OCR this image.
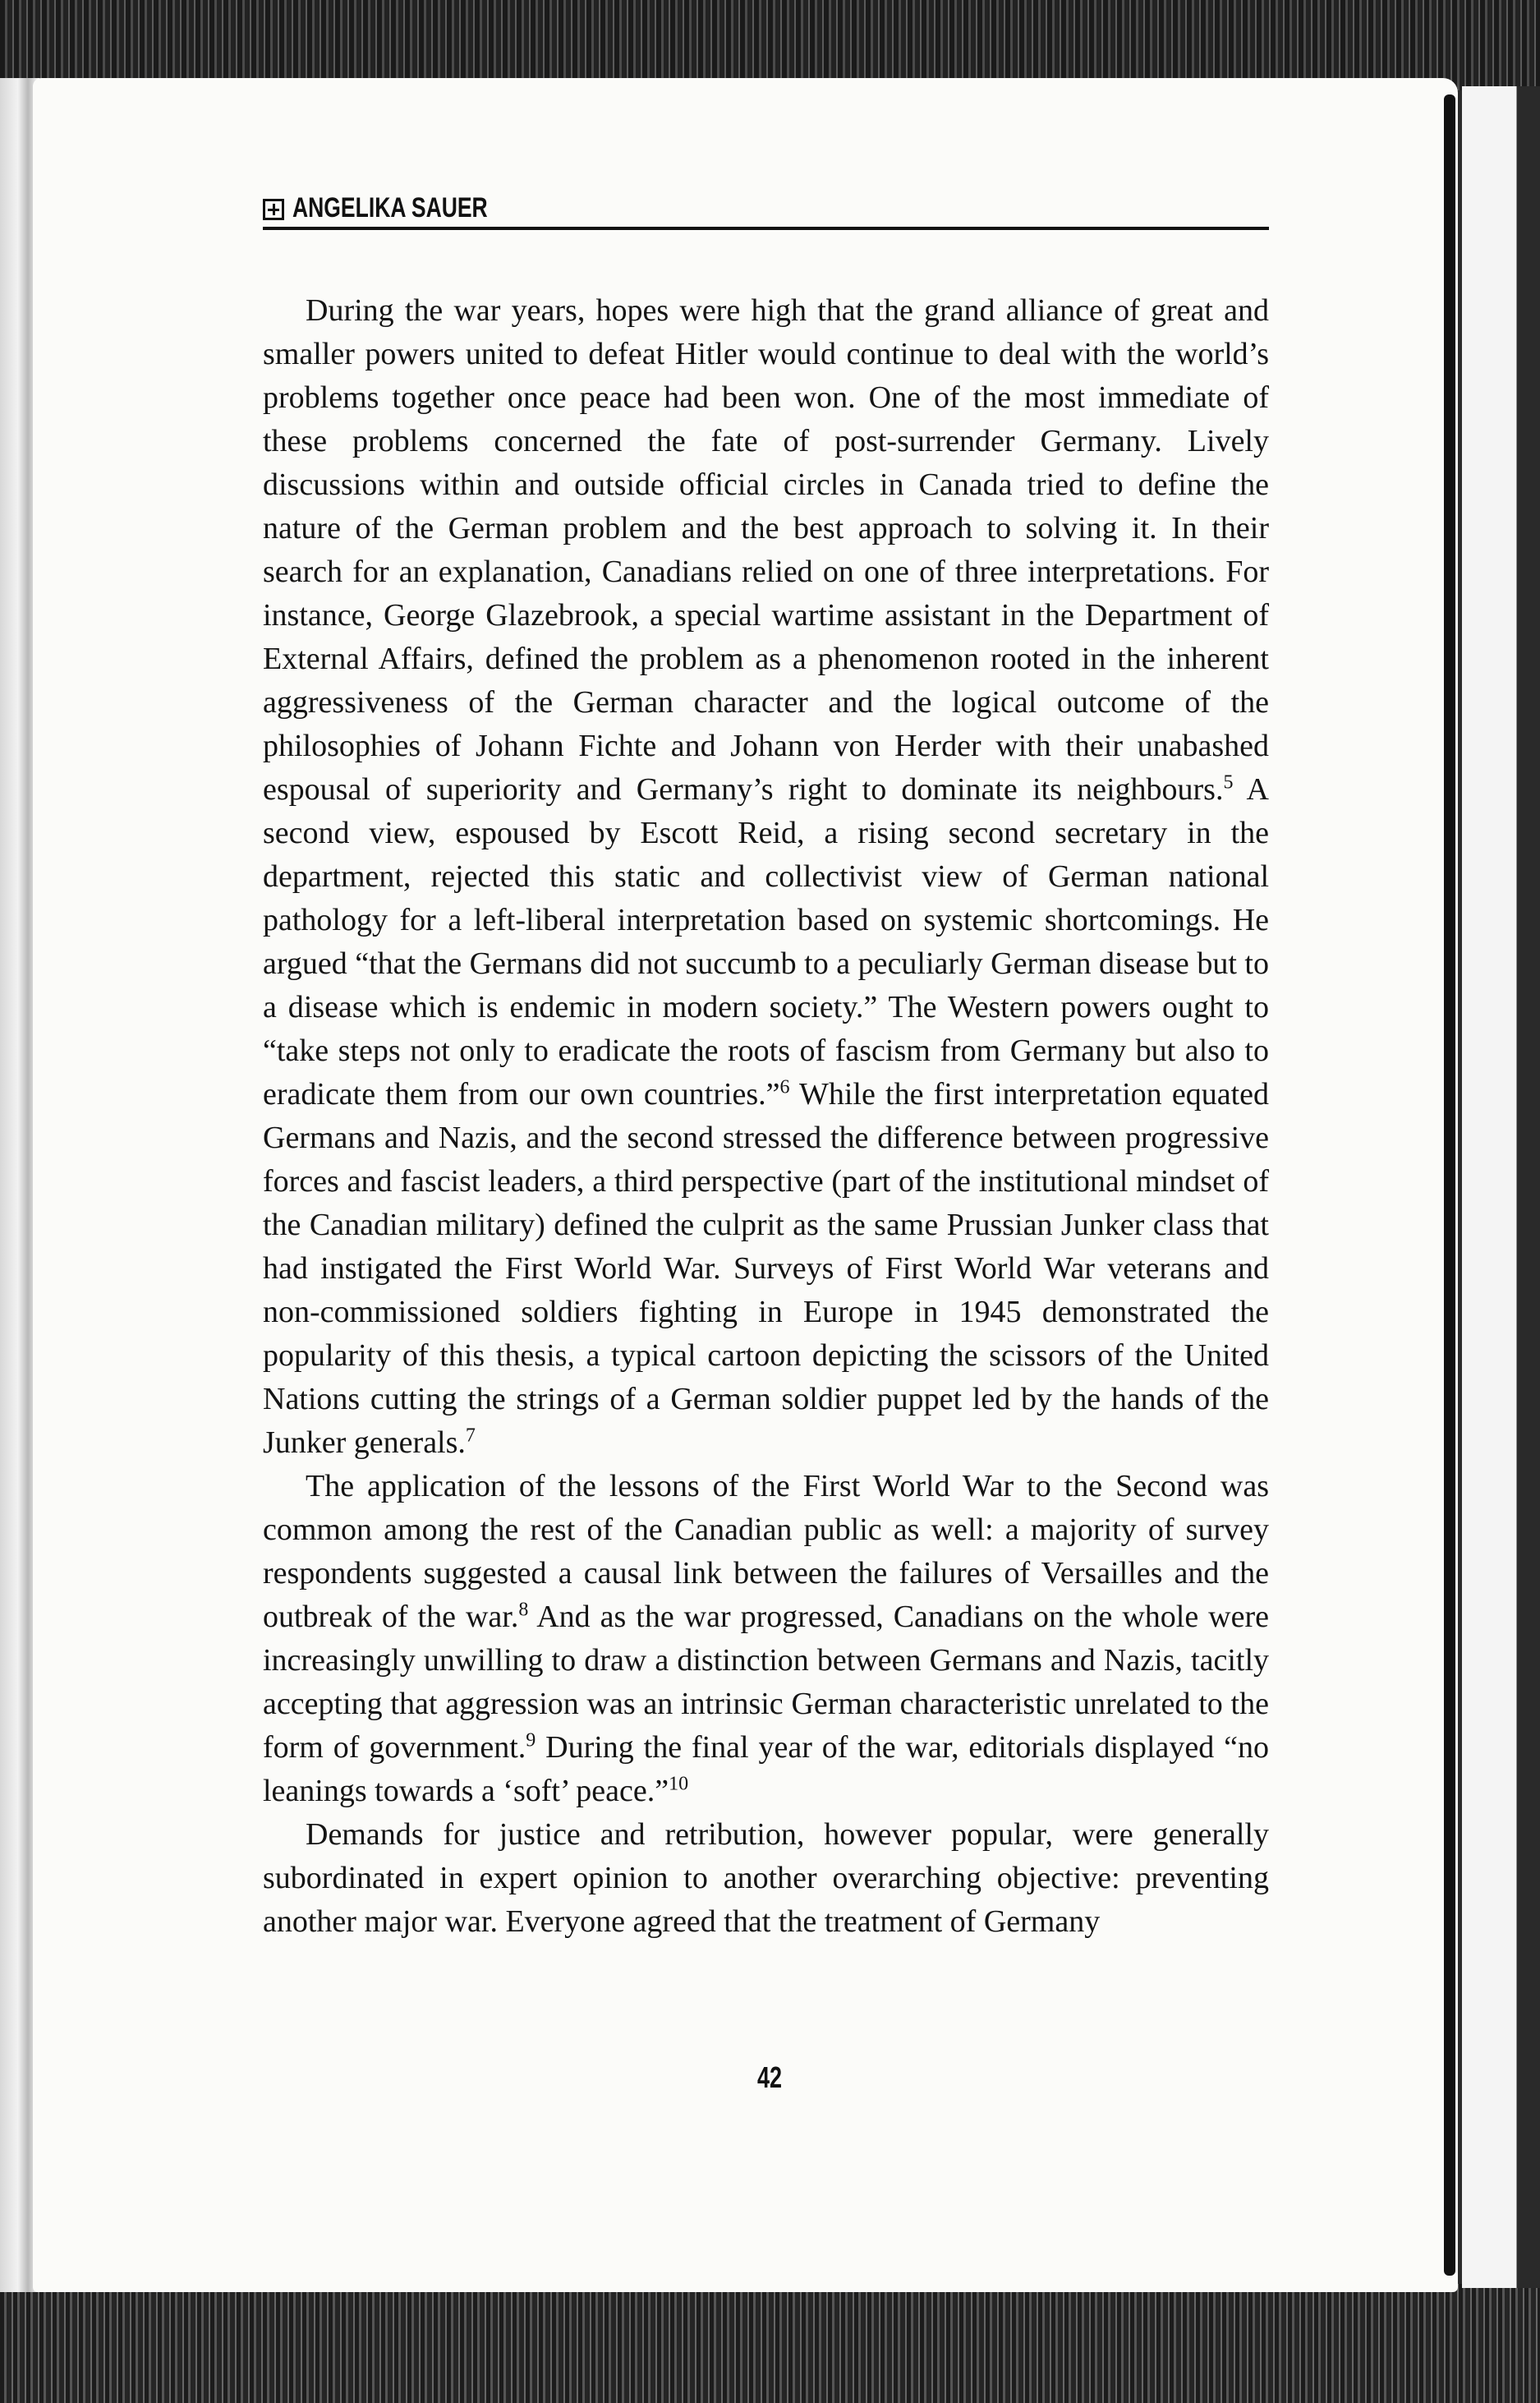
ANGELIKA SAUER

During the war years, hopes were high that the grand alliance of great and smaller powers united to defeat Hitler would continue to deal with the world’s problems together once peace had been won. One of the most immediate of these problems concerned the fate of post-surrender Germany. Lively discussions within and outside official circles in Canada tried to define the nature of the German problem and the best approach to solving it. In their search for an explanation, Canadians relied on one of three interpretations. For instance, George Glazebrook, a special wartime assistant in the Department of External Affairs, defined the problem as a phenomenon rooted in the inherent aggressiveness of the German character and the logical outcome of the philosophies of Johann Fichte and Johann von Herder with their unabashed espousal of superiority and Germany’s right to dominate its neighbours.$^5$ A second view, espoused by Escott Reid, a rising second secretary in the department, rejected this static and collectivist view of German national pathology for a left-liberal interpretation based on systemic shortcomings. He argued “that the Germans did not succumb to a peculiarly German disease but to a disease which is endemic in modern society.” The Western powers ought to “take steps not only to eradicate the roots of fascism from Germany but also to eradicate them from our own countries.”$^6$ While the first interpretation equated Germans and Nazis, and the second stressed the difference between progressive forces and fascist leaders, a third perspective (part of the institutional mindset of the Canadian military) defined the culprit as the same Prussian Junker class that had instigated the First World War. Surveys of First World War veterans and non-commissioned soldiers fighting in Europe in 1945 demonstrated the popularity of this thesis, a typical cartoon depicting the scissors of the United Nations cutting the strings of a German soldier puppet led by the hands of the Junker generals.$^7$

The application of the lessons of the First World War to the Second was common among the rest of the Canadian public as well: a majority of survey respondents suggested a causal link between the failures of Versailles and the outbreak of the war.$^8$ And as the war progressed, Canadians on the whole were increasingly unwilling to draw a distinction between Germans and Nazis, tacitly accepting that aggression was an intrinsic German characteristic unrelated to the form of government.$^9$ During the final year of the war, editorials displayed “no leanings towards a ‘soft’ peace.”$^{10}$

Demands for justice and retribution, however popular, were generally subordinated in expert opinion to another overarching objective: preventing another major war. Everyone agreed that the treatment of Germany

42
